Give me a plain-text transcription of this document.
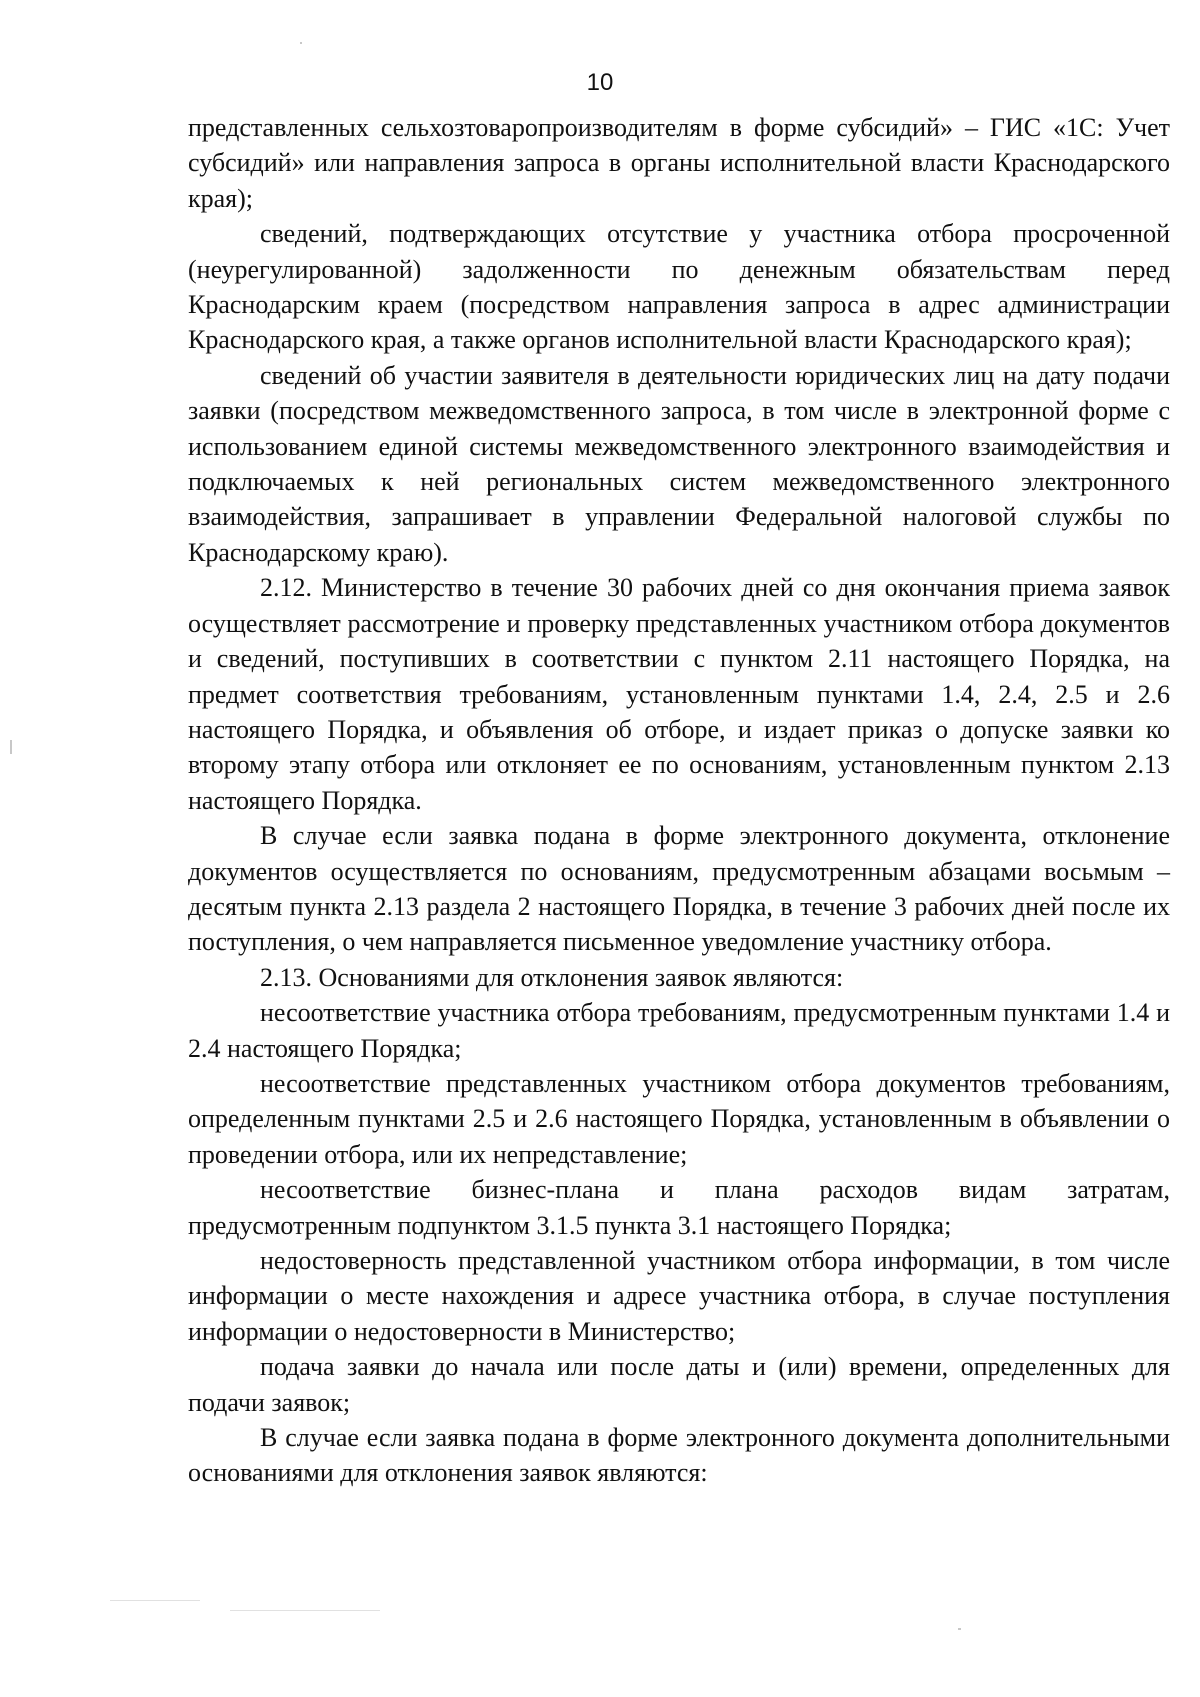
10

представленных сельхозтоваропроизводителям в форме субсидий» – ГИС «1С: Учет субсидий» или направления запроса в органы исполнительной власти Краснодарского края);

сведений, подтверждающих отсутствие у участника отбора просроченной (неурегулированной) задолженности по денежным обязательствам перед Краснодарским краем (посредством направления запроса в адрес администрации Краснодарского края, а также органов исполнительной власти Краснодарского края);

сведений об участии заявителя в деятельности юридических лиц на дату подачи заявки (посредством межведомственного запроса, в том числе в электронной форме с использованием единой системы межведомственного электронного взаимодействия и подключаемых к ней региональных систем межведомственного электронного взаимодействия, запрашивает в управлении Федеральной налоговой службы по Краснодарскому краю).

2.12. Министерство в течение 30 рабочих дней со дня окончания приема заявок осуществляет рассмотрение и проверку представленных участником отбора документов и сведений, поступивших в соответствии с пунктом 2.11 настоящего Порядка, на предмет соответствия требованиям, установленным пунктами 1.4, 2.4, 2.5 и 2.6 настоящего Порядка, и объявления об отборе, и издает приказ о допуске заявки ко второму этапу отбора или отклоняет ее по основаниям, установленным пунктом 2.13 настоящего Порядка.

В случае если заявка подана в форме электронного документа, отклонение документов осуществляется по основаниям, предусмотренным абзацами восьмым – десятым пункта 2.13 раздела 2 настоящего Порядка, в течение 3 рабочих дней после их поступления, о чем направляется письменное уведомление участнику отбора.

2.13. Основаниями для отклонения заявок являются:

несоответствие участника отбора требованиям, предусмотренным пунктами 1.4 и 2.4 настоящего Порядка;

несоответствие представленных участником отбора документов требованиям, определенным пунктами 2.5 и 2.6 настоящего Порядка, установленным в объявлении о проведении отбора, или их непредставление;

несоответствие бизнес-плана и плана расходов видам затратам, предусмотренным подпунктом 3.1.5 пункта 3.1 настоящего Порядка;

недостоверность представленной участником отбора информации, в том числе информации о месте нахождения и адресе участника отбора, в случае поступления информации о недостоверности в Министерство;

подача заявки до начала или после даты и (или) времени, определенных для подачи заявок;

В случае если заявка подана в форме электронного документа дополнительными основаниями для отклонения заявок являются:
